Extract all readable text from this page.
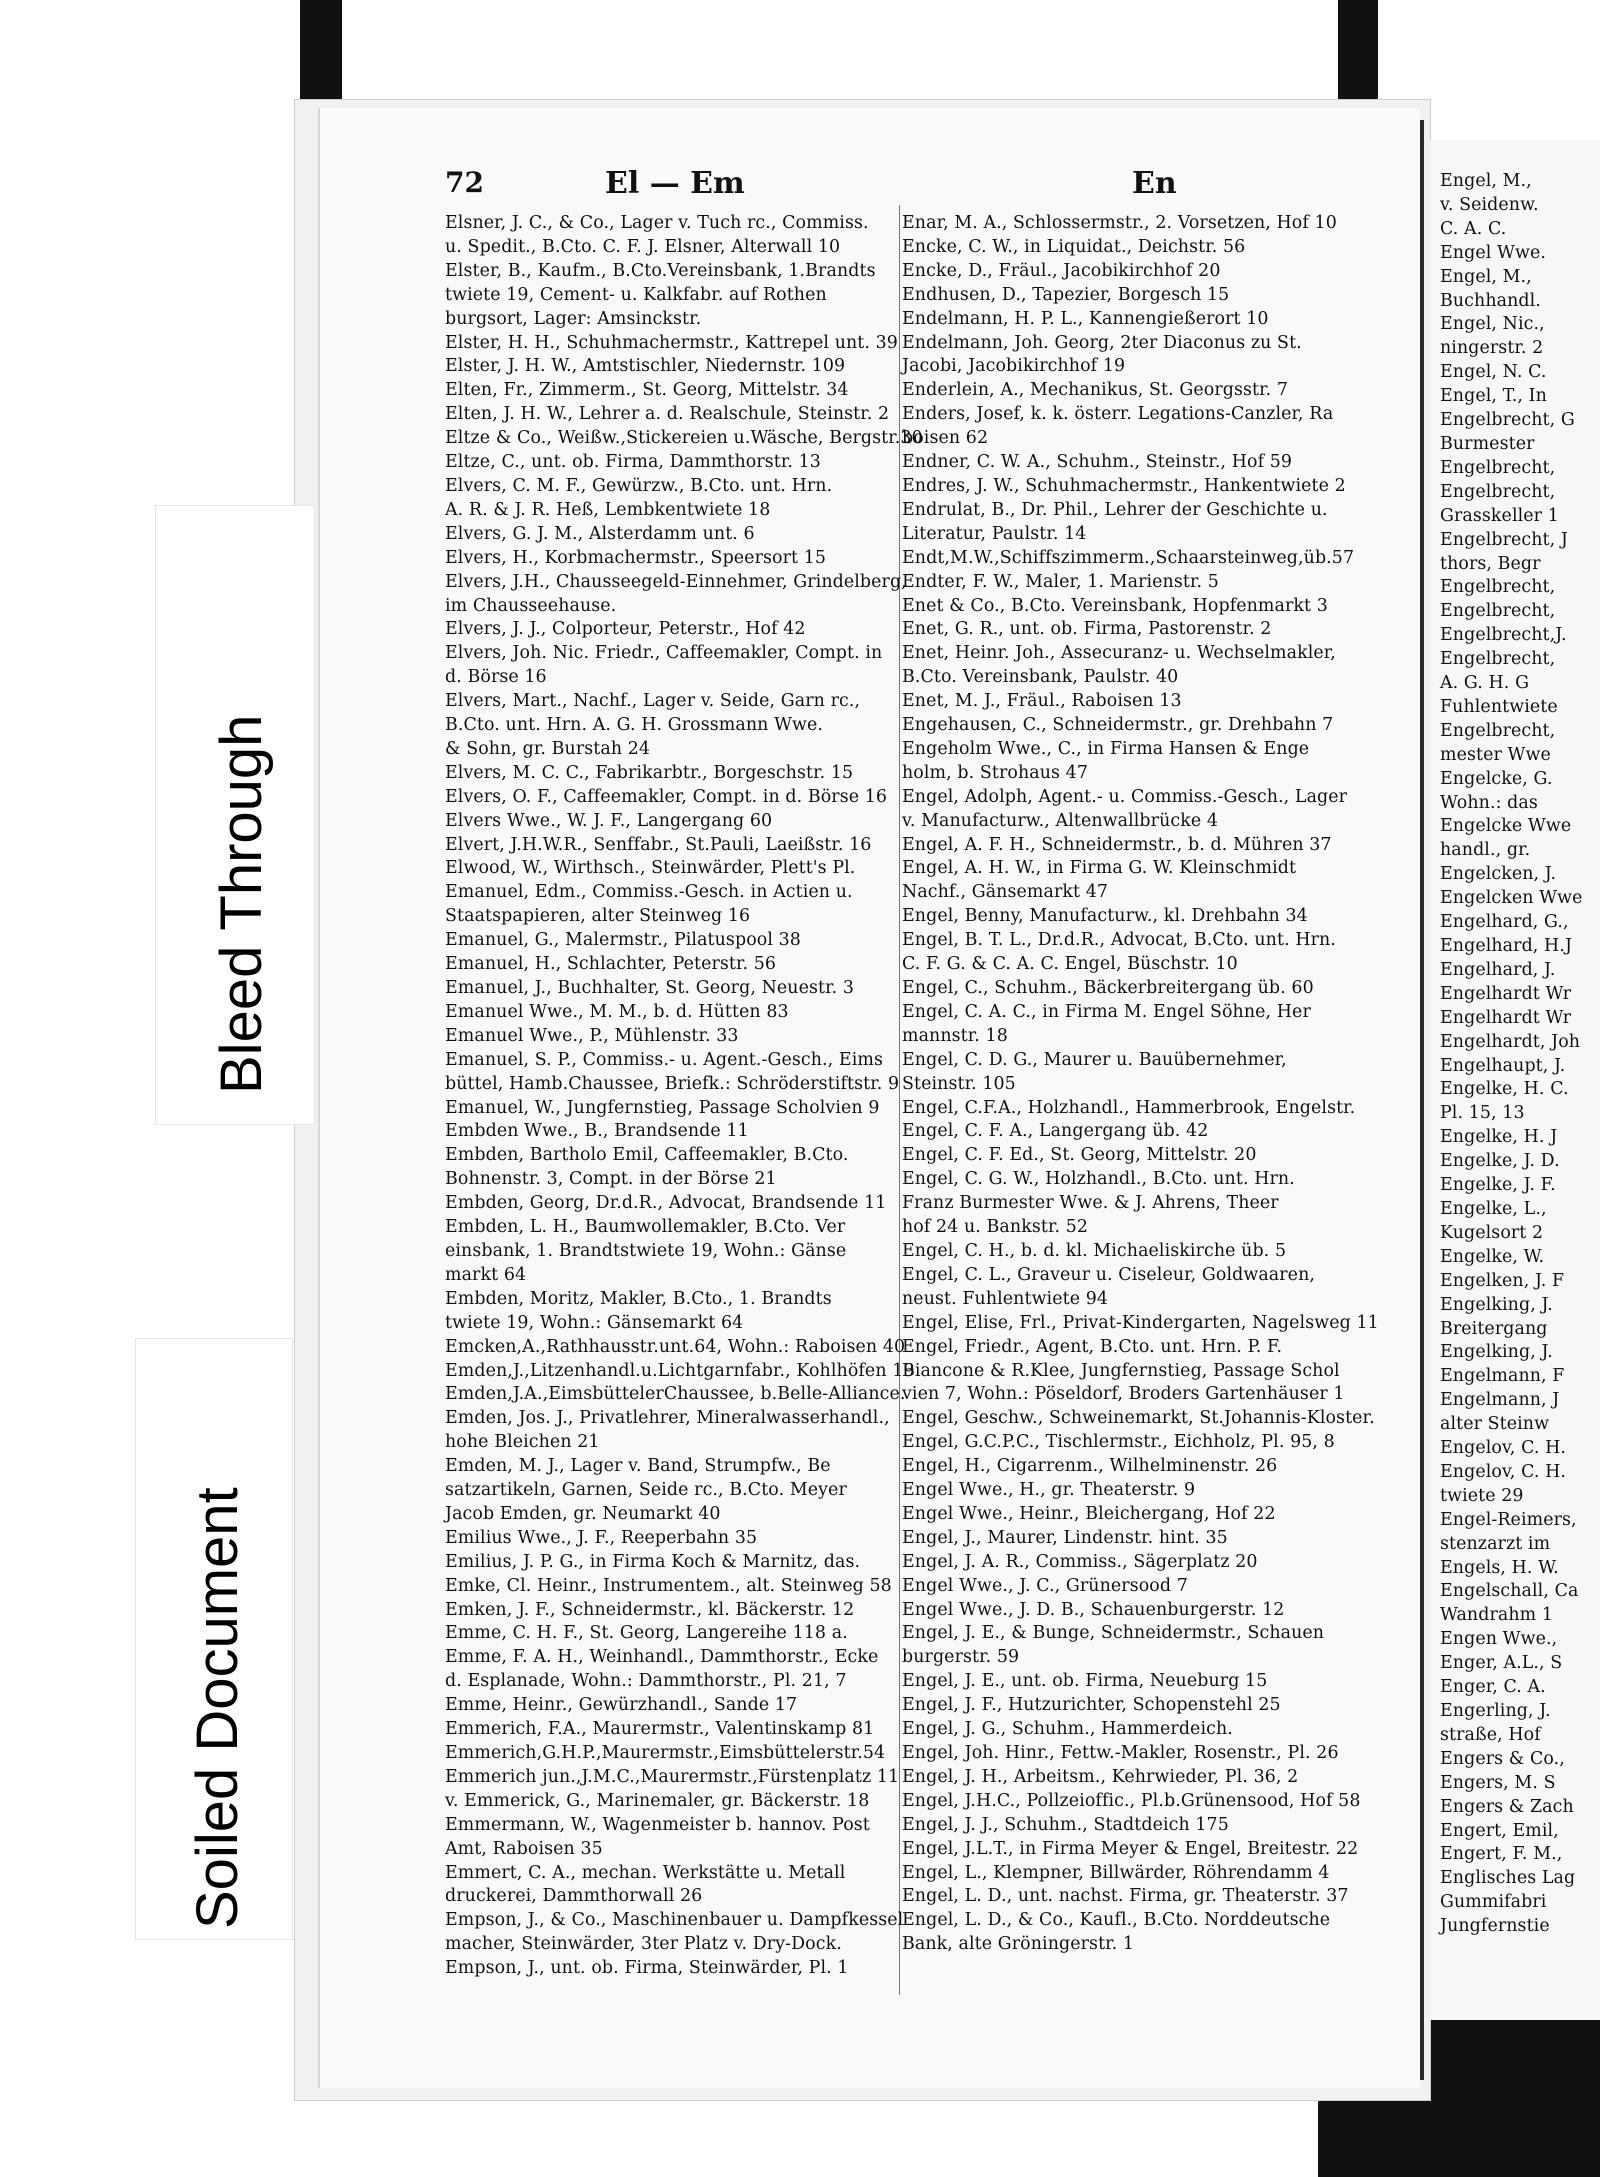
Engel, M.,
v. Seidenw.
C. A. C.
Engel Wwe.
Engel, M.,
Buchhandl.
Engel, Nic.,
ningerstr. 2
Engel, N. C.
Engel, T., In
Engelbrecht, G
Burmester
Engelbrecht,
Engelbrecht,
Grasskeller 1
Engelbrecht, J
thors, Begr
Engelbrecht,
Engelbrecht,
Engelbrecht,J.
Engelbrecht,
A. G. H. G
Fuhlentwiete
Engelbrecht,
mester Wwe
Engelcke, G.
Wohn.: das
Engelcke Wwe
handl., gr.
Engelcken, J.
Engelcken Wwe
Engelhard, G.,
Engelhard, H.J
Engelhard, J.
Engelhardt Wr
Engelhardt Wr
Engelhardt, Joh
Engelhaupt, J.
Engelke, H. C.
Pl. 15, 13
Engelke, H. J
Engelke, J. D.
Engelke, J. F.
Engelke, L.,
Kugelsort 2
Engelke, W.
Engelken, J. F
Engelking, J.
Breitergang
Engelking, J.
Engelmann, F
Engelmann, J
alter Steinw
Engelov, C. H.
Engelov, C. H.
twiete 29
Engel-Reimers,
stenzarzt im
Engels, H. W.
Engelschall, Ca
Wandrahm 1
Engen Wwe.,
Enger, A.L., S
Enger, C. A.
Engerling, J.
straße, Hof
Engers & Co.,
Engers, M. S
Engers & Zach
Engert, Emil,
Engert, F. M.,
Englisches Lag
Gummifabri
Jungfernstie
72	El — Em	En
Elsner, J. C., & Co., Lager v. Tuch rc., Commiss.
u. Spedit., B.Cto. C. F. J. Elsner, Alterwall 10
Elster, B., Kaufm., B.Cto.Vereinsbank, 1.Brandts
twiete 19, Cement- u. Kalkfabr. auf Rothen
burgsort, Lager: Amsinckstr.
Elster, H. H., Schuhmachermstr., Kattrepel unt. 39
Elster, J. H. W., Amtstischler, Niedernstr. 109
Elten, Fr., Zimmerm., St. Georg, Mittelstr. 34
Elten, J. H. W., Lehrer a. d. Realschule, Steinstr. 2
Eltze & Co., Weißw.,Stickereien u.Wäsche, Bergstr.30
Eltze, C., unt. ob. Firma, Dammthorstr. 13
Elvers, C. M. F., Gewürzw., B.Cto. unt. Hrn.
A. R. & J. R. Heß, Lembkentwiete 18
Elvers, G. J. M., Alsterdamm unt. 6
Elvers, H., Korbmachermstr., Speersort 15
Elvers, J.H., Chausseegeld-Einnehmer, Grindelberg,
im Chausseehause.
Elvers, J. J., Colporteur, Peterstr., Hof 42
Elvers, Joh. Nic. Friedr., Caffeemakler, Compt. in
d. Börse 16
Elvers, Mart., Nachf., Lager v. Seide, Garn rc.,
B.Cto. unt. Hrn. A. G. H. Grossmann Wwe.
& Sohn, gr. Burstah 24
Elvers, M. C. C., Fabrikarbtr., Borgeschstr. 15
Elvers, O. F., Caffeemakler, Compt. in d. Börse 16
Elvers Wwe., W. J. F., Langergang 60
Elvert, J.H.W.R., Senffabr., St.Pauli, Laeißstr. 16
Elwood, W., Wirthsch., Steinwärder, Plett's Pl.
Emanuel, Edm., Commiss.-Gesch. in Actien u.
Staatspapieren, alter Steinweg 16
Emanuel, G., Malermstr., Pilatuspool 38
Emanuel, H., Schlachter, Peterstr. 56
Emanuel, J., Buchhalter, St. Georg, Neuestr. 3
Emanuel Wwe., M. M., b. d. Hütten 83
Emanuel Wwe., P., Mühlenstr. 33
Emanuel, S. P., Commiss.- u. Agent.-Gesch., Eims
büttel, Hamb.Chaussee, Briefk.: Schröderstiftstr. 9
Emanuel, W., Jungfernstieg, Passage Scholvien 9
Embden Wwe., B., Brandsende 11
Embden, Bartholo Emil, Caffeemakler, B.Cto.
Bohnenstr. 3, Compt. in der Börse 21
Embden, Georg, Dr.d.R., Advocat, Brandsende 11
Embden, L. H., Baumwollemakler, B.Cto. Ver
einsbank, 1. Brandtstwiete 19, Wohn.: Gänse
markt 64
Embden, Moritz, Makler, B.Cto., 1. Brandts
twiete 19, Wohn.: Gänsemarkt 64
Emcken,A.,Rathhausstr.unt.64, Wohn.: Raboisen 40
Emden,J.,Litzenhandl.u.Lichtgarnfabr., Kohlhöfen 19
Emden,J.A.,EimsbüttelerChaussee, b.Belle-Alliance.
Emden, Jos. J., Privatlehrer, Mineralwasserhandl.,
hohe Bleichen 21
Emden, M. J., Lager v. Band, Strumpfw., Be
satzartikeln, Garnen, Seide rc., B.Cto. Meyer
Jacob Emden, gr. Neumarkt 40
Emilius Wwe., J. F., Reeperbahn 35
Emilius, J. P. G., in Firma Koch & Marnitz, das.
Emke, Cl. Heinr., Instrumentem., alt. Steinweg 58
Emken, J. F., Schneidermstr., kl. Bäckerstr. 12
Emme, C. H. F., St. Georg, Langereihe 118 a.
Emme, F. A. H., Weinhandl., Dammthorstr., Ecke
d. Esplanade, Wohn.: Dammthorstr., Pl. 21, 7
Emme, Heinr., Gewürzhandl., Sande 17
Emmerich, F.A., Maurermstr., Valentinskamp 81
Emmerich,G.H.P.,Maurermstr.,Eimsbüttelerstr.54
Emmerich jun.,J.M.C.,Maurermstr.,Fürstenplatz 11
v. Emmerick, G., Marinemaler, gr. Bäckerstr. 18
Emmermann, W., Wagenmeister b. hannov. Post
Amt, Raboisen 35
Emmert, C. A., mechan. Werkstätte u. Metall
druckerei, Dammthorwall 26
Empson, J., & Co., Maschinenbauer u. Dampfkessel
macher, Steinwärder, 3ter Platz v. Dry-Dock.
Empson, J., unt. ob. Firma, Steinwärder, Pl. 1
Enar, M. A., Schlossermstr., 2. Vorsetzen, Hof 10
Encke, C. W., in Liquidat., Deichstr. 56
Encke, D., Fräul., Jacobikirchhof 20
Endhusen, D., Tapezier, Borgesch 15
Endelmann, H. P. L., Kannengießerort 10
Endelmann, Joh. Georg, 2ter Diaconus zu St.
Jacobi, Jacobikirchhof 19
Enderlein, A., Mechanikus, St. Georgsstr. 7
Enders, Josef, k. k. österr. Legations-Canzler, Ra
boisen 62
Endner, C. W. A., Schuhm., Steinstr., Hof 59
Endres, J. W., Schuhmachermstr., Hankentwiete 2
Endrulat, B., Dr. Phil., Lehrer der Geschichte u.
Literatur, Paulstr. 14
Endt,M.W.,Schiffszimmerm.,Schaarsteinweg,üb.57
Endter, F. W., Maler, 1. Marienstr. 5
Enet & Co., B.Cto. Vereinsbank, Hopfenmarkt 3
Enet, G. R., unt. ob. Firma, Pastorenstr. 2
Enet, Heinr. Joh., Assecuranz- u. Wechselmakler,
B.Cto. Vereinsbank, Paulstr. 40
Enet, M. J., Fräul., Raboisen 13
Engehausen, C., Schneidermstr., gr. Drehbahn 7
Engeholm Wwe., C., in Firma Hansen & Enge
holm, b. Strohaus 47
Engel, Adolph, Agent.- u. Commiss.-Gesch., Lager
v. Manufacturw., Altenwallbrücke 4
Engel, A. F. H., Schneidermstr., b. d. Mühren 37
Engel, A. H. W., in Firma G. W. Kleinschmidt
Nachf., Gänsemarkt 47
Engel, Benny, Manufacturw., kl. Drehbahn 34
Engel, B. T. L., Dr.d.R., Advocat, B.Cto. unt. Hrn.
C. F. G. & C. A. C. Engel, Büschstr. 10
Engel, C., Schuhm., Bäckerbreitergang üb. 60
Engel, C. A. C., in Firma M. Engel Söhne, Her
mannstr. 18
Engel, C. D. G., Maurer u. Bauübernehmer,
Steinstr. 105
Engel, C.F.A., Holzhandl., Hammerbrook, Engelstr.
Engel, C. F. A., Langergang üb. 42
Engel, C. F. Ed., St. Georg, Mittelstr. 20
Engel, C. G. W., Holzhandl., B.Cto. unt. Hrn.
Franz Burmester Wwe. & J. Ahrens, Theer
hof 24 u. Bankstr. 52
Engel, C. H., b. d. kl. Michaeliskirche üb. 5
Engel, C. L., Graveur u. Ciseleur, Goldwaaren,
neust. Fuhlentwiete 94
Engel, Elise, Frl., Privat-Kindergarten, Nagelsweg 11
Engel, Friedr., Agent, B.Cto. unt. Hrn. P. F.
Biancone & R.Klee, Jungfernstieg, Passage Schol
vien 7, Wohn.: Pöseldorf, Broders Gartenhäuser 1
Engel, Geschw., Schweinemarkt, St.Johannis-Kloster.
Engel, G.C.P.C., Tischlermstr., Eichholz, Pl. 95, 8
Engel, H., Cigarrenm., Wilhelminenstr. 26
Engel Wwe., H., gr. Theaterstr. 9
Engel Wwe., Heinr., Bleichergang, Hof 22
Engel, J., Maurer, Lindenstr. hint. 35
Engel, J. A. R., Commiss., Sägerplatz 20
Engel Wwe., J. C., Grünersood 7
Engel Wwe., J. D. B., Schauenburgerstr. 12
Engel, J. E., & Bunge, Schneidermstr., Schauen
burgerstr. 59
Engel, J. E., unt. ob. Firma, Neueburg 15
Engel, J. F., Hutzurichter, Schopenstehl 25
Engel, J. G., Schuhm., Hammerdeich.
Engel, Joh. Hinr., Fettw.-Makler, Rosenstr., Pl. 26
Engel, J. H., Arbeitsm., Kehrwieder, Pl. 36, 2
Engel, J.H.C., Pollzeioffic., Pl.b.Grünensood, Hof 58
Engel, J. J., Schuhm., Stadtdeich 175
Engel, J.L.T., in Firma Meyer & Engel, Breitestr. 22
Engel, L., Klempner, Billwärder, Röhrendamm 4
Engel, L. D., unt. nachst. Firma, gr. Theaterstr. 37
Engel, L. D., & Co., Kaufl., B.Cto. Norddeutsche
Bank, alte Gröningerstr. 1
Bleed Through
Soiled Document
